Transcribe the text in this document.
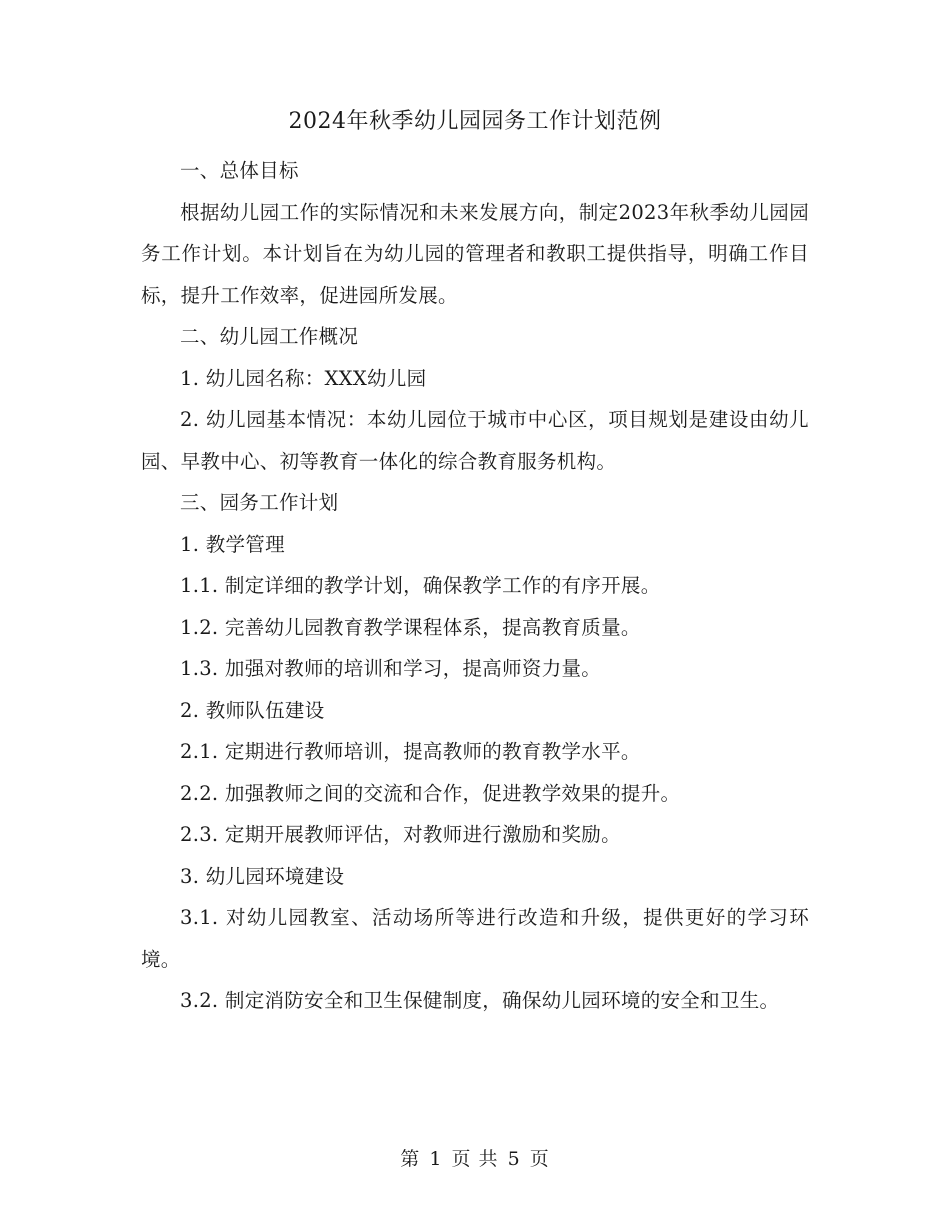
2024年秋季幼儿园园务工作计划范例

一、总体目标

根据幼儿园工作的实际情况和未来发展方向，制定2023年秋季幼儿园园务工作计划。本计划旨在为幼儿园的管理者和教职工提供指导，明确工作目标，提升工作效率，促进园所发展。

二、幼儿园工作概况

1. 幼儿园名称：XXX幼儿园

2. 幼儿园基本情况：本幼儿园位于城市中心区，项目规划是建设由幼儿园、早教中心、初等教育一体化的综合教育服务机构。

三、园务工作计划

1. 教学管理

1.1. 制定详细的教学计划，确保教学工作的有序开展。

1.2. 完善幼儿园教育教学课程体系，提高教育质量。

1.3. 加强对教师的培训和学习，提高师资力量。

2. 教师队伍建设

2.1. 定期进行教师培训，提高教师的教育教学水平。

2.2. 加强教师之间的交流和合作，促进教学效果的提升。

2.3. 定期开展教师评估，对教师进行激励和奖励。

3. 幼儿园环境建设

3.1. 对幼儿园教室、活动场所等进行改造和升级，提供更好的学习环境。

3.2. 制定消防安全和卫生保健制度，确保幼儿园环境的安全和卫生。

第 1 页 共 5 页
